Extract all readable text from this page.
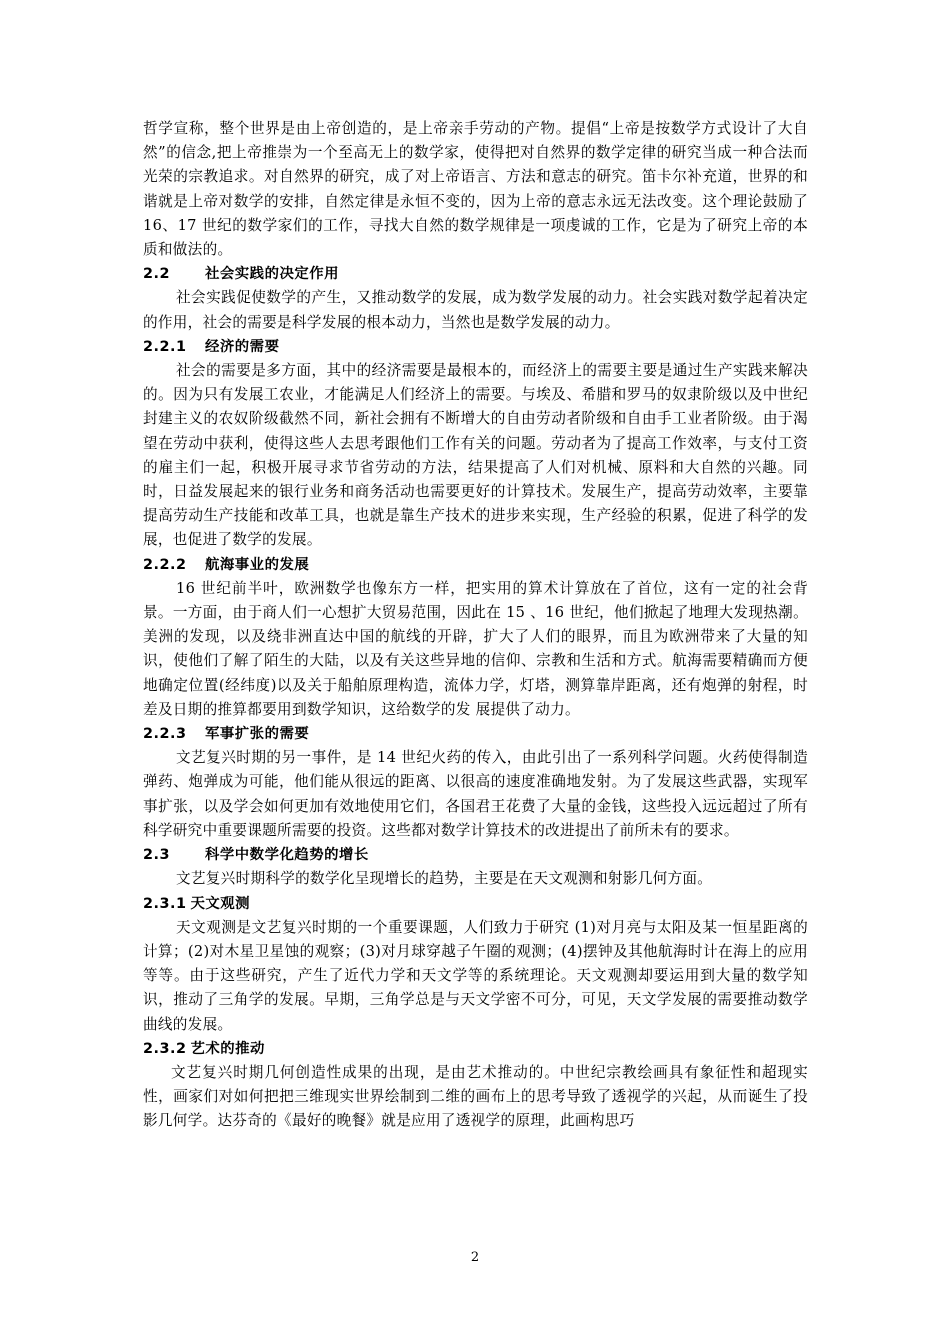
哲学宣称，整个世界是由上帝创造的，是上帝亲手劳动的产物。提倡“上帝是按数学方式设计了大自然”的信念,把上帝推崇为一个至高无上的数学家，使得把对自然界的数学定律的研究当成一种合法而光荣的宗教追求。对自然界的研究，成了对上帝语言、方法和意志的研究。笛卡尔补充道，世界的和谐就是上帝对数学的安排，自然定律是永恒不变的，因为上帝的意志永远无法改变。这个理论鼓励了 16、17 世纪的数学家们的工作，寻找大自然的数学规律是一项虔诚的工作，它是为了研究上帝的本质和做法的。

2.2 社会实践的决定作用

社会实践促使数学的产生，又推动数学的发展，成为数学发展的动力。社会实践对数学起着决定的作用，社会的需要是科学发展的根本动力，当然也是数学发展的动力。

2.2.1 经济的需要

社会的需要是多方面，其中的经济需要是最根本的，而经济上的需要主要是通过生产实践来解决的。因为只有发展工农业，才能满足人们经济上的需要。与埃及、希腊和罗马的奴隶阶级以及中世纪封建主义的农奴阶级截然不同，新社会拥有不断增大的自由劳动者阶级和自由手工业者阶级。由于渴望在劳动中获利，使得这些人去思考跟他们工作有关的问题。劳动者为了提高工作效率，与支付工资的雇主们一起，积极开展寻求节省劳动的方法，结果提高了人们对机械、原料和大自然的兴趣。同时，日益发展起来的银行业务和商务活动也需要更好的计算技术。发展生产，提高劳动效率，主要靠提高劳动生产技能和改革工具，也就是靠生产技术的进步来实现，生产经验的积累，促进了科学的发展，也促进了数学的发展。

2.2.2 航海事业的发展

16 世纪前半叶，欧洲数学也像东方一样，把实用的算术计算放在了首位，这有一定的社会背景。一方面，由于商人们一心想扩大贸易范围，因此在 15 、16 世纪，他们掀起了地理大发现热潮。美洲的发现，以及绕非洲直达中国的航线的开辟，扩大了人们的眼界，而且为欧洲带来了大量的知识，使他们了解了陌生的大陆，以及有关这些异地的信仰、宗教和生活和方式。航海需要精确而方便地确定位置(经纬度)以及关于船舶原理构造，流体力学，灯塔，测算靠岸距离，还有炮弹的射程，时差及日期的推算都要用到数学知识，这给数学的发 展提供了动力。

2.2.3 军事扩张的需要

文艺复兴时期的另一事件，是 14 世纪火药的传入，由此引出了一系列科学问题。火药使得制造弹药、炮弹成为可能，他们能从很远的距离、以很高的速度准确地发射。为了发展这些武器，实现军事扩张，以及学会如何更加有效地使用它们，各国君王花费了大量的金钱，这些投入远远超过了所有科学研究中重要课题所需要的投资。这些都对数学计算技术的改进提出了前所未有的要求。

2.3 科学中数学化趋势的增长

文艺复兴时期科学的数学化呈现增长的趋势，主要是在天文观测和射影几何方面。

2.3.1 天文观测

天文观测是文艺复兴时期的一个重要课题，人们致力于研究 (1)对月亮与太阳及某一恒星距离的计算；(2)对木星卫星蚀的观察；(3)对月球穿越子午圈的观测；(4)摆钟及其他航海时计在海上的应用等等。由于这些研究，产生了近代力学和天文学等的系统理论。天文观测却要运用到大量的数学知识，推动了三角学的发展。早期，三角学总是与天文学密不可分，可见，天文学发展的需要推动数学曲线的发展。

2.3.2 艺术的推动

文艺复兴时期几何创造性成果的出现，是由艺术推动的。中世纪宗教绘画具有象征性和超现实性，画家们对如何把把三维现实世界绘制到二维的画布上的思考导致了透视学的兴起，从而诞生了投影几何学。达芬奇的《最好的晚餐》就是应用了透视学的原理，此画构思巧

2
